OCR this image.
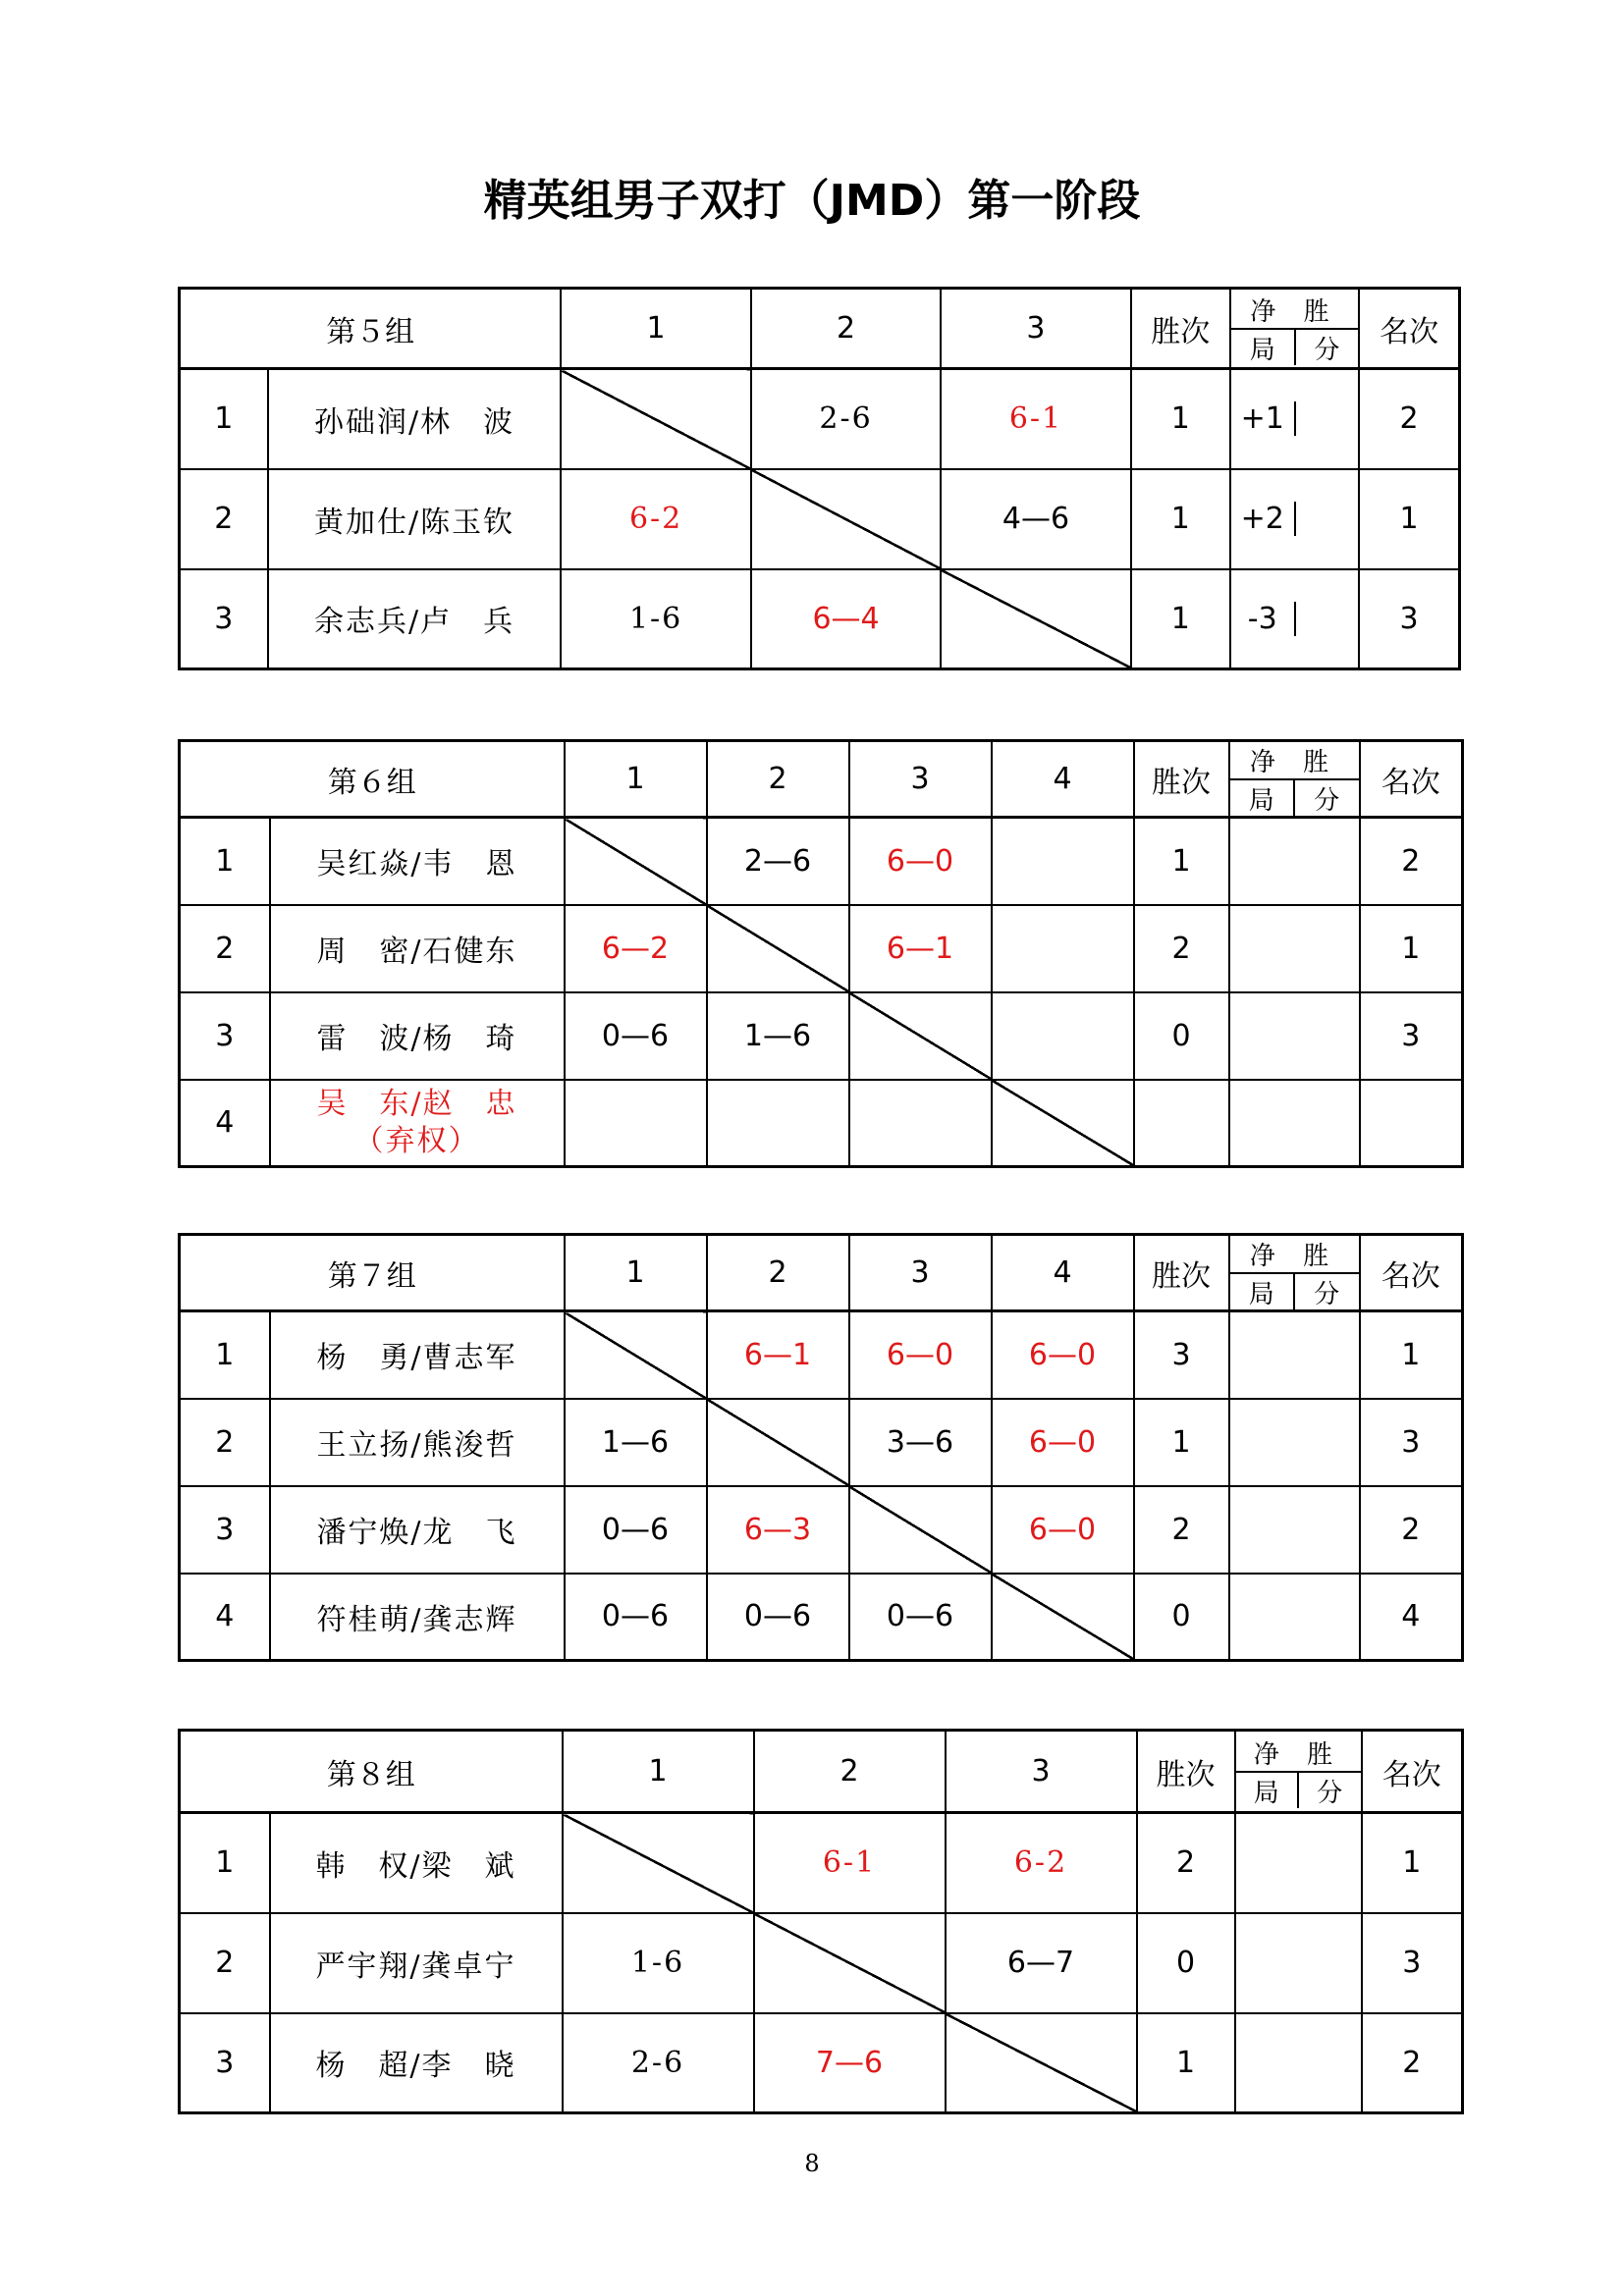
精英组男子双打（JMD）第一阶段
第５组		1	2	3	胜次	净 胜
局 分	名次
1	孙础润/林　波		2-6	6-1	1	+1	2
2	黄加仕/陈玉钦	6-2		4—6	1	+2	1
3	余志兵/卢　兵	1-6	6—4		1	-3	3
第６组		1	2	3	4	胜次	净 胜
局 分	名次
1	吴红焱/韦　恩		2—6	6—0		1		2
2	周　密/石健东	6—2		6—1		2		1
3	雷　波/杨　琦	0—6	1—6			0		3
4	吴　东/赵　忠
（弃权）							

第７组		1	2	3	4	胜次	净 胜
局 分	名次
1	杨　勇/曹志军		6—1	6—0	6—0	3		1
2	王立扬/熊浚哲	1—6		3—6	6—0	1		3
3	潘宁焕/龙　飞	0—6	6—3		6—0	2		2
4	符桂萌/龚志辉	0—6	0—6	0—6		0		4
第８组		1	2	3	胜次	净 胜
局 分	名次
1	韩　权/梁　斌		6-1	6-2	2		1
2	严宇翔/龚卓宁	1-6		6—7	0		3
3	杨　超/李　晓	2-6	7—6		1		2
8
